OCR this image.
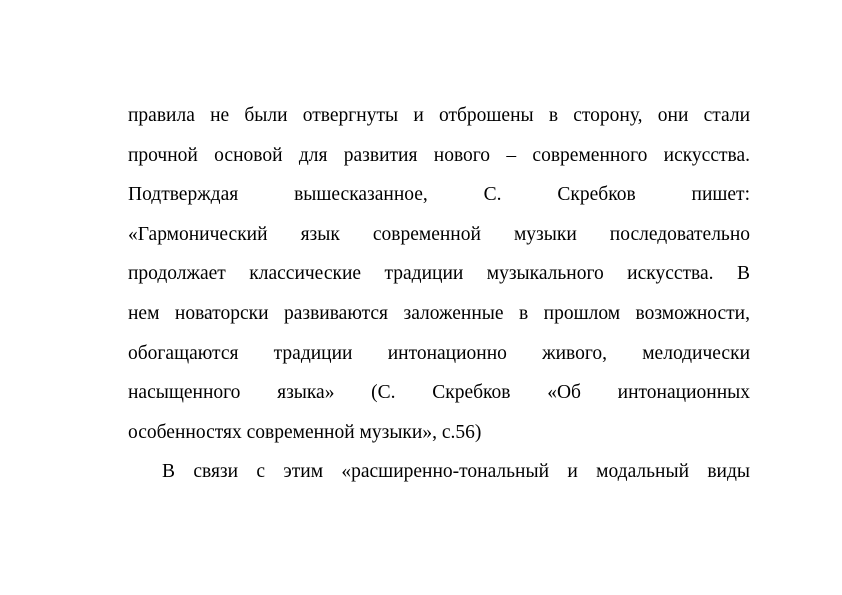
правила не были отвергнуты и отброшены в сторону, они стали
прочной основой для развития нового – современного искусства.
Подтверждая вышесказанное, С. Скребков пишет:
«Гармонический язык современной музыки последовательно
продолжает классические традиции музыкального искусства. В
нем новаторски развиваются заложенные в прошлом возможности,
обогащаются традиции интонационно живого, мелодически
насыщенного языка» (С. Скребков «Об интонационных
особенностях современной музыки», с.56)
В связи с этим «расширенно-тональный и модальный виды
